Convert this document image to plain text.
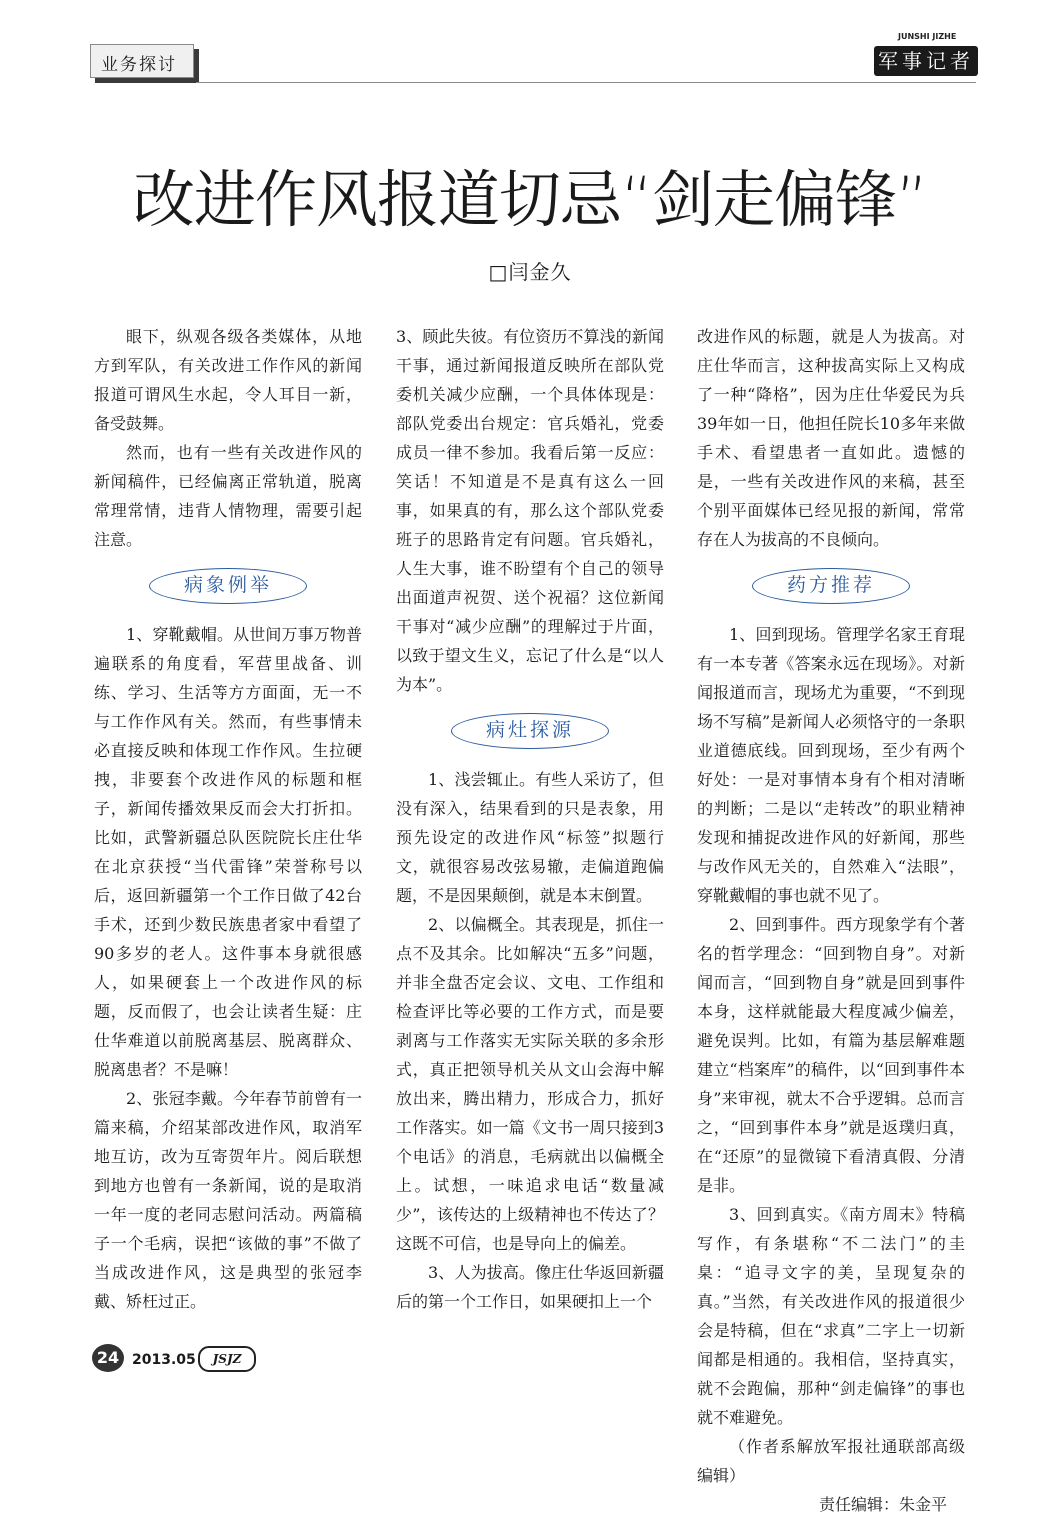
业务探讨
JUNSHI JIZHE
军事记者
改进作风报道切忌“剑走偏锋”
□闫金久

眼下，纵观各级各类媒体，从地方到军队，有关改进工作作风的新闻报道可谓风生水起，令人耳目一新，备受鼓舞。

然而，也有一些有关改进作风的新闻稿件，已经偏离正常轨道，脱离常理常情，违背人情物理，需要引起注意。

病象例举

1、穿靴戴帽。从世间万事万物普遍联系的角度看，军营里战备、训练、学习、生活等方方面面，无一不与工作作风有关。然而，有些事情未必直接反映和体现工作作风。生拉硬拽，非要套个改进作风的标题和框子，新闻传播效果反而会大打折扣。比如，武警新疆总队医院院长庄仕华在北京获授“当代雷锋”荣誉称号以后，返回新疆第一个工作日做了42台手术，还到少数民族患者家中看望了90多岁的老人。这件事本身就很感人，如果硬套上一个改进作风的标题，反而假了，也会让读者生疑：庄仕华难道以前脱离基层、脱离群众、脱离患者？不是嘛！

2、张冠李戴。今年春节前曾有一篇来稿，介绍某部改进作风，取消军地互访，改为互寄贺年片。阅后联想到地方也曾有一条新闻，说的是取消一年一度的老同志慰问活动。两篇稿子一个毛病，误把“该做的事”不做了当成改进作风，这是典型的张冠李戴、矫枉过正。

3、顾此失彼。有位资历不算浅的新闻干事，通过新闻报道反映所在部队党委机关减少应酬，一个具体体现是：部队党委出台规定：官兵婚礼，党委成员一律不参加。我看后第一反应：笑话！不知道是不是真有这么一回事，如果真的有，那么这个部队党委班子的思路肯定有问题。官兵婚礼，人生大事，谁不盼望有个自己的领导出面道声祝贺、送个祝福？这位新闻干事对“减少应酬”的理解过于片面，以致于望文生义，忘记了什么是“以人为本”。

病灶探源

1、浅尝辄止。有些人采访了，但没有深入，结果看到的只是表象，用预先设定的改进作风“标签”拟题行文，就很容易改弦易辙，走偏道跑偏题，不是因果颠倒，就是本末倒置。

2、以偏概全。其表现是，抓住一点不及其余。比如解决“五多”问题，并非全盘否定会议、文电、工作组和检查评比等必要的工作方式，而是要剥离与工作落实无实际关联的多余形式，真正把领导机关从文山会海中解放出来，腾出精力，形成合力，抓好工作落实。如一篇《文书一周只接到3个电话》的消息，毛病就出以偏概全上。试想，一味追求电话“数量减少”，该传达的上级精神也不传达了？这既不可信，也是导向上的偏差。

3、人为拔高。像庄仕华返回新疆后的第一个工作日，如果硬扣上一个

改进作风的标题，就是人为拔高。对庄仕华而言，这种拔高实际上又构成了一种“降格”，因为庄仕华爱民为兵39年如一日，他担任院长10多年来做手术、看望患者一直如此。遗憾的是，一些有关改进作风的来稿，甚至个别平面媒体已经见报的新闻，常常存在人为拔高的不良倾向。

药方推荐

1、回到现场。管理学名家王育琨有一本专著《答案永远在现场》。对新闻报道而言，现场尤为重要，“不到现场不写稿”是新闻人必须恪守的一条职业道德底线。回到现场，至少有两个好处：一是对事情本身有个相对清晰的判断；二是以“走转改”的职业精神发现和捕捉改进作风的好新闻，那些与改作风无关的，自然难入“法眼”，穿靴戴帽的事也就不见了。

2、回到事件。西方现象学有个著名的哲学理念：“回到物自身”。对新闻而言，“回到物自身”就是回到事件本身，这样就能最大程度减少偏差，避免误判。比如，有篇为基层解难题建立“档案库”的稿件，以“回到事件本身”来审视，就太不合乎逻辑。总而言之，“回到事件本身”就是返璞归真，在“还原”的显微镜下看清真假、分清是非。

3、回到真实。《南方周末》特稿写作，有条堪称“不二法门”的圭臬：“追寻文字的美，呈现复杂的真。”当然，有关改进作风的报道很少会是特稿，但在“求真”二字上一切新闻都是相通的。我相信，坚持真实，就不会跑偏，那种“剑走偏锋”的事也就不难避免。

（作者系解放军报社通联部高级编辑）

责任编辑：朱金平

24 2013.05	JSJZ
